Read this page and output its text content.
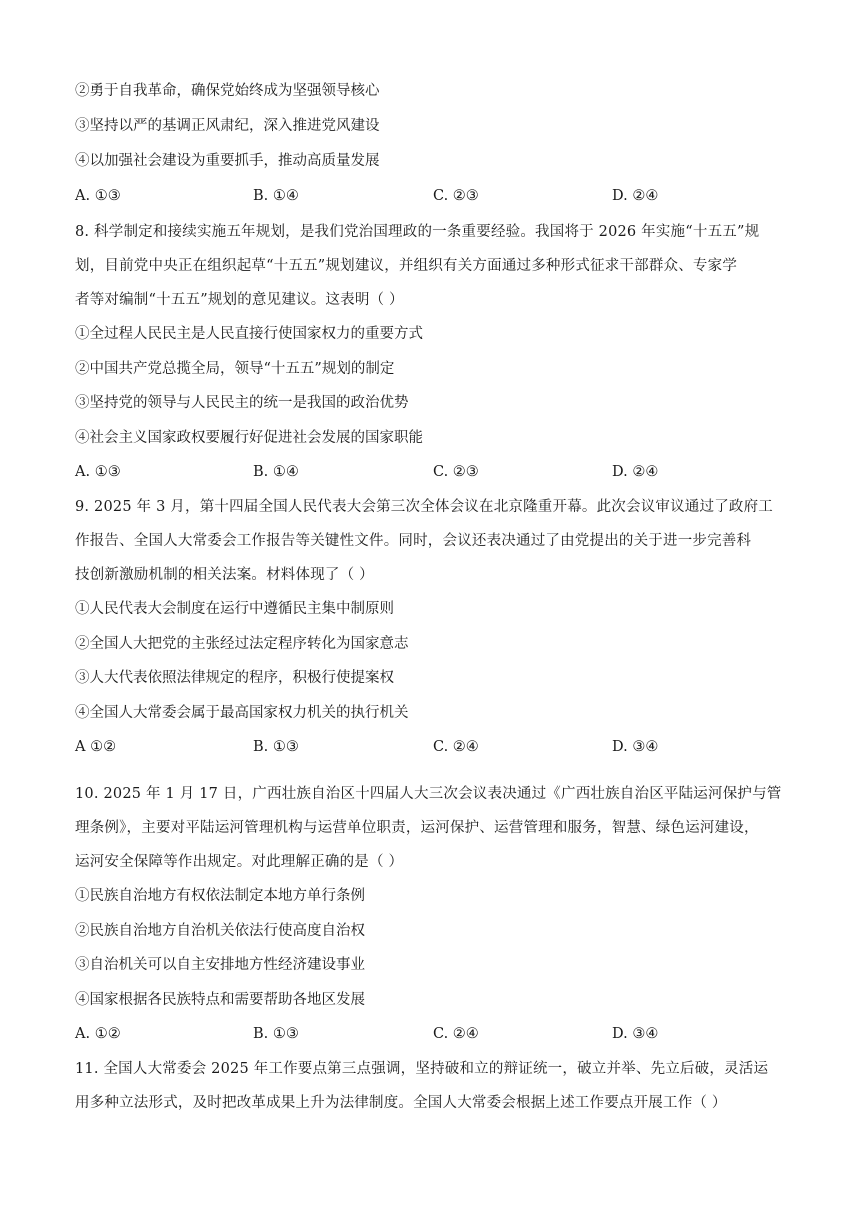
②勇于自我革命，确保党始终成为坚强领导核心
③坚持以严的基调正风肃纪，深入推进党风建设
④以加强社会建设为重要抓手，推动高质量发展
A. ①③	B. ①④	C. ②③	D. ②④
8. 科学制定和接续实施五年规划，是我们党治国理政的一条重要经验。我国将于 2026 年实施“十五五”规
划，目前党中央正在组织起草“十五五”规划建议，并组织有关方面通过多种形式征求干部群众、专家学
者等对编制“十五五”规划的意见建议。这表明（ ）
①全过程人民民主是人民直接行使国家权力的重要方式
②中国共产党总揽全局，领导“十五五”规划的制定
③坚持党的领导与人民民主的统一是我国的政治优势
④社会主义国家政权要履行好促进社会发展的国家职能
A. ①③	B. ①④	C. ②③	D. ②④
9. 2025 年 3 月，第十四届全国人民代表大会第三次全体会议在北京隆重开幕。此次会议审议通过了政府工
作报告、全国人大常委会工作报告等关键性文件。同时，会议还表决通过了由党提出的关于进一步完善科
技创新激励机制的相关法案。材料体现了（ ）
①人民代表大会制度在运行中遵循民主集中制原则
②全国人大把党的主张经过法定程序转化为国家意志
③人大代表依照法律规定的程序，积极行使提案权
④全国人大常委会属于最高国家权力机关的执行机关
A ①②	B. ①③	C. ②④	D. ③④
10. 2025 年 1 月 17 日，广西壮族自治区十四届人大三次会议表决通过《广西壮族自治区平陆运河保护与管
理条例》，主要对平陆运河管理机构与运营单位职责，运河保护、运营管理和服务，智慧、绿色运河建设，
运河安全保障等作出规定。对此理解正确的是（ ）
①民族自治地方有权依法制定本地方单行条例
②民族自治地方自治机关依法行使高度自治权
③自治机关可以自主安排地方性经济建设事业
④国家根据各民族特点和需要帮助各地区发展
A. ①②	B. ①③	C. ②④	D. ③④
11. 全国人大常委会 2025 年工作要点第三点强调，坚持破和立的辩证统一，破立并举、先立后破，灵活运
用多种立法形式，及时把改革成果上升为法律制度。全国人大常委会根据上述工作要点开展工作（ ）
